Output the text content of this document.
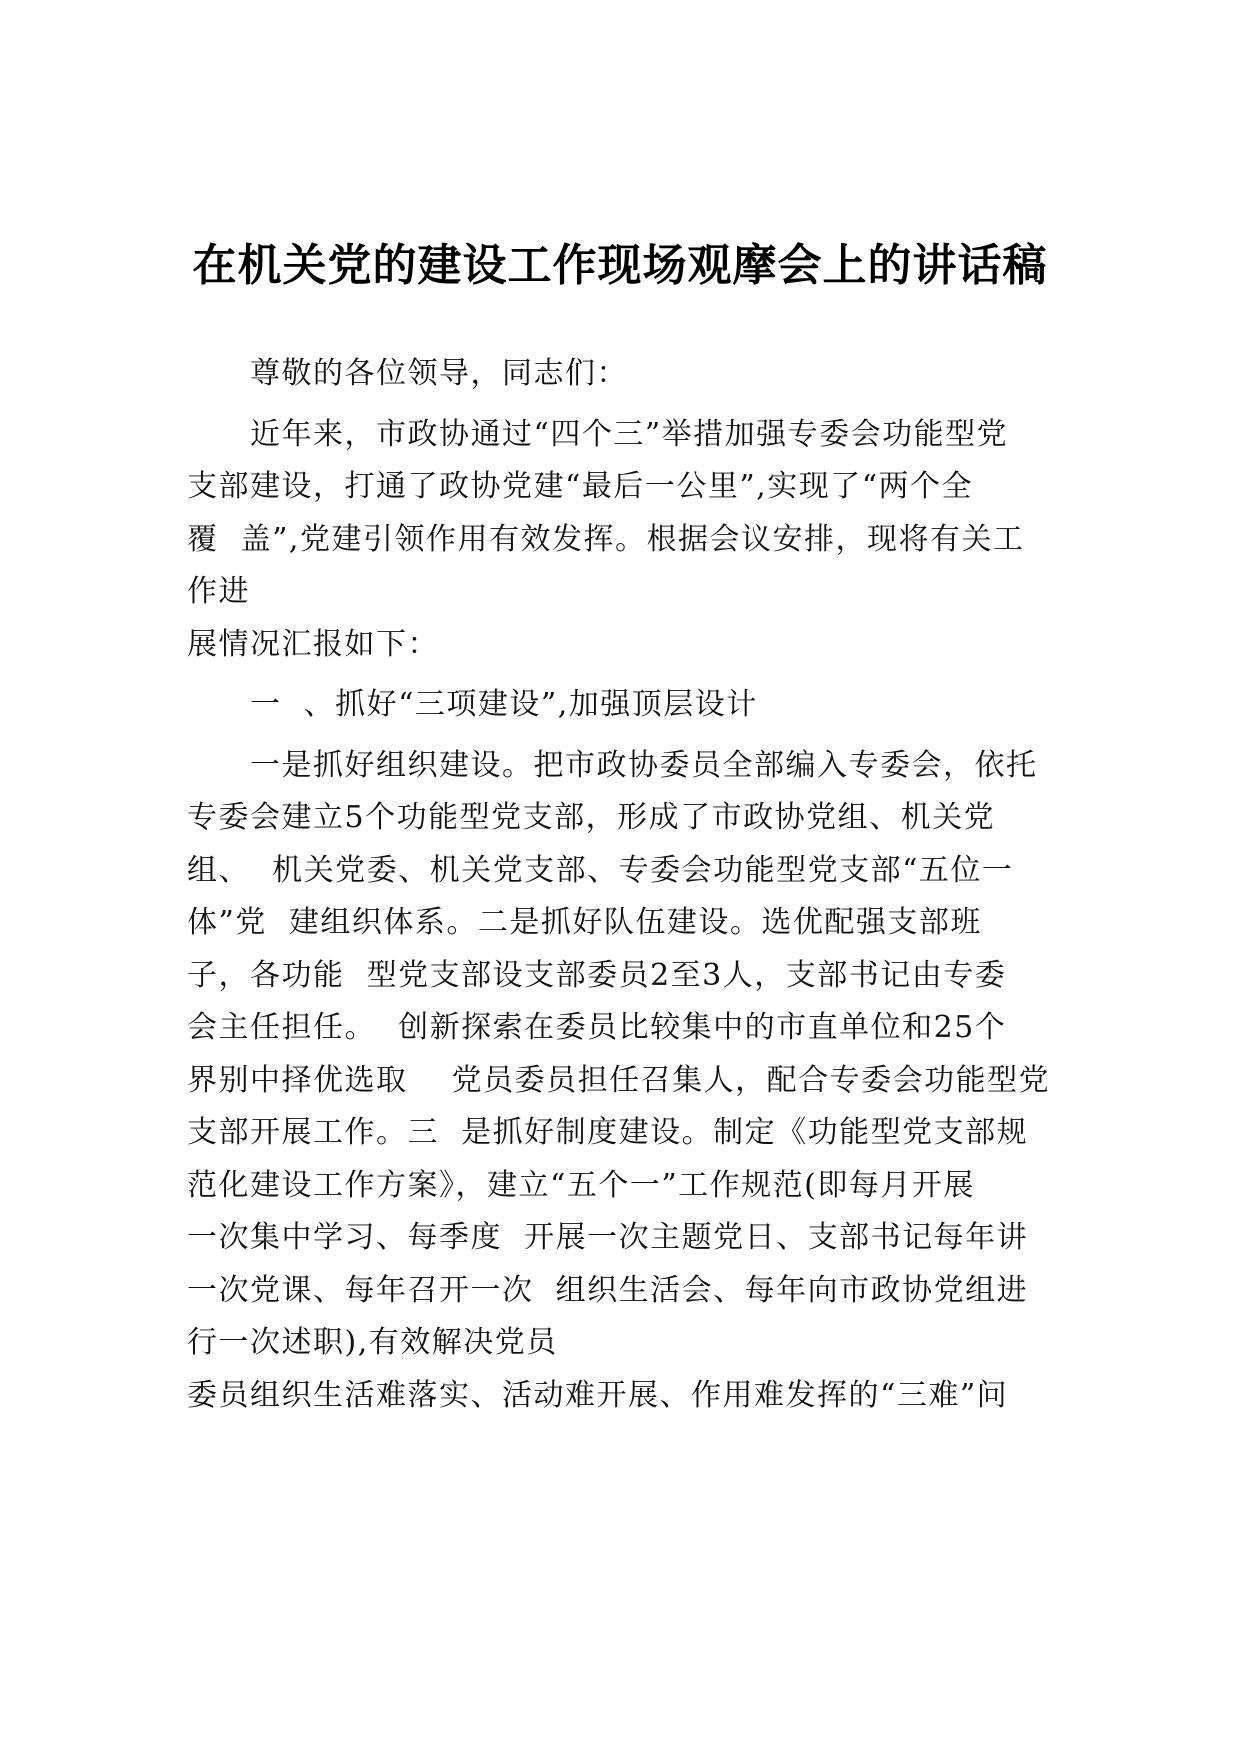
在机关党的建设工作现场观摩会上的讲话稿

尊敬的各位领导，同志们：

近年来，市政协通过“四个三”举措加强专委会功能型党

支部建设，打通了政协党建“最后一公里”,实现了“两个全

覆  盖”,党建引领作用有效发挥。根据会议安排，现将有关工

作进

展情况汇报如下：

一  、抓好“三项建设”,加强顶层设计

一是抓好组织建设。把市政协委员全部编入专委会，依托

专委会建立5个功能型党支部，形成了市政协党组、机关党

组、  机关党委、机关党支部、专委会功能型党支部“五位一

体”党  建组织体系。二是抓好队伍建设。选优配强支部班

子，各功能  型党支部设支部委员2至3人，支部书记由专委

会主任担任。  创新探索在委员比较集中的市直单位和25个

界别中择优选取    党员委员担任召集人，配合专委会功能型党

支部开展工作。三  是抓好制度建设。制定《功能型党支部规

范化建设工作方案》，建立“五个一”工作规范(即每月开展

一次集中学习、每季度  开展一次主题党日、支部书记每年讲

一次党课、每年召开一次  组织生活会、每年向市政协党组进

行一次述职),有效解决党员

委员组织生活难落实、活动难开展、作用难发挥的“三难”问
